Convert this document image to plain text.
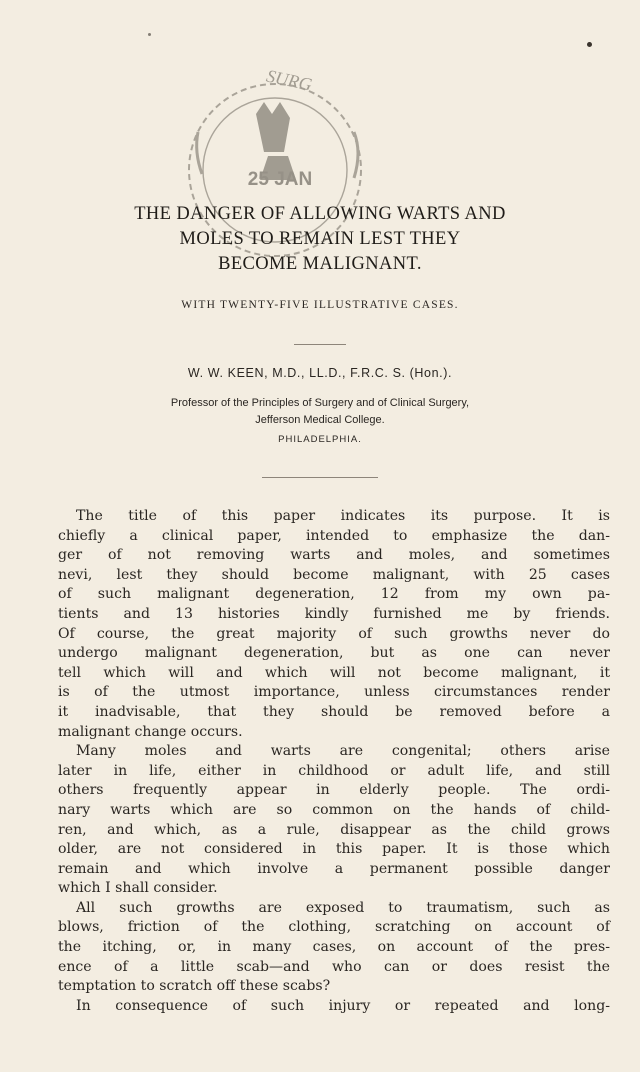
25 JAN
SURG
THE DANGER OF ALLOWING WARTS AND
MOLES TO REMAIN LEST THEY
BECOME MALIGNANT.
WITH TWENTY-FIVE ILLUSTRATIVE CASES.
W. W. KEEN, M.D., LL.D., F.R.C. S. (Hon.).
Professor of the Principles of Surgery and of Clinical Surgery,
Jefferson Medical College.
PHILADELPHIA.
The title of this paper indicates its purpose. It is
chiefly a clinical paper, intended to emphasize the dan-
ger of not removing warts and moles, and sometimes
nevi, lest they should become malignant, with 25 cases
of such malignant degeneration, 12 from my own pa-
tients and 13 histories kindly furnished me by friends.
Of course, the great majority of such growths never do
undergo malignant degeneration, but as one can never
tell which will and which will not become malignant, it
is of the utmost importance, unless circumstances render
it inadvisable, that they should be removed before a
malignant change occurs.
Many moles and warts are congenital; others arise
later in life, either in childhood or adult life, and still
others frequently appear in elderly people. The ordi-
nary warts which are so common on the hands of child-
ren, and which, as a rule, disappear as the child grows
older, are not considered in this paper. It is those which
remain and which involve a permanent possible danger
which I shall consider.
All such growths are exposed to traumatism, such as
blows, friction of the clothing, scratching on account of
the itching, or, in many cases, on account of the pres-
ence of a little scab—and who can or does resist the
temptation to scratch off these scabs?
In consequence of such injury or repeated and long-
